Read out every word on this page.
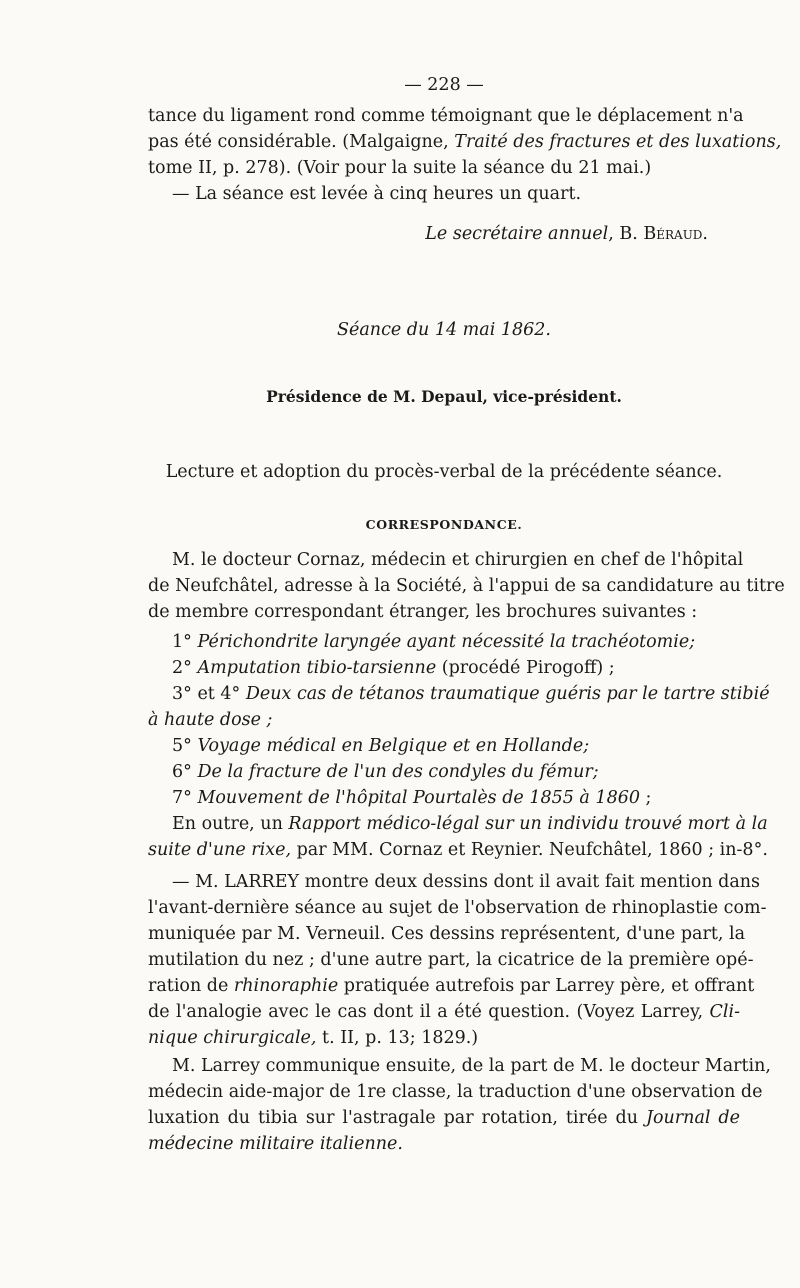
— 228 —
tance du ligament rond comme témoignant que le déplacement n'a
pas été considérable. (Malgaigne, Traité des fractures et des luxations,
tome II, p. 278). (Voir pour la suite la séance du 21 mai.)
— La séance est levée à cinq heures un quart.
Le secrétaire annuel, B. Béraud.
Séance du 14 mai 1862.
Présidence de M. Depaul, vice-président.
Lecture et adoption du procès-verbal de la précédente séance.
CORRESPONDANCE.
M. le docteur Cornaz, médecin et chirurgien en chef de l'hôpital
de Neufchâtel, adresse à la Société, à l'appui de sa candidature au titre
de membre correspondant étranger, les brochures suivantes :
1° Périchondrite laryngée ayant nécessité la trachéotomie;
2° Amputation tibio-tarsienne (procédé Pirogoff) ;
3° et 4° Deux cas de tétanos traumatique guéris par le tartre stibié
à haute dose ;
5° Voyage médical en Belgique et en Hollande;
6° De la fracture de l'un des condyles du fémur;
7° Mouvement de l'hôpital Pourtalès de 1855 à 1860 ;
En outre, un Rapport médico-légal sur un individu trouvé mort à la
suite d'une rixe, par MM. Cornaz et Reynier. Neufchâtel, 1860 ; in-8°.
— M. LARREY montre deux dessins dont il avait fait mention dans
l'avant-dernière séance au sujet de l'observation de rhinoplastie com-
muniquée par M. Verneuil. Ces dessins représentent, d'une part, la
mutilation du nez ; d'une autre part, la cicatrice de la première opé-
ration de rhinoraphie pratiquée autrefois par Larrey père, et offrant
de l'analogie avec le cas dont il a été question. (Voyez Larrey, Cli-
nique chirurgicale, t. II, p. 13; 1829.)
M. Larrey communique ensuite, de la part de M. le docteur Martin,
médecin aide-major de 1re classe, la traduction d'une observation de
luxation du tibia sur l'astragale par rotation, tirée du Journal de
médecine militaire italienne.
